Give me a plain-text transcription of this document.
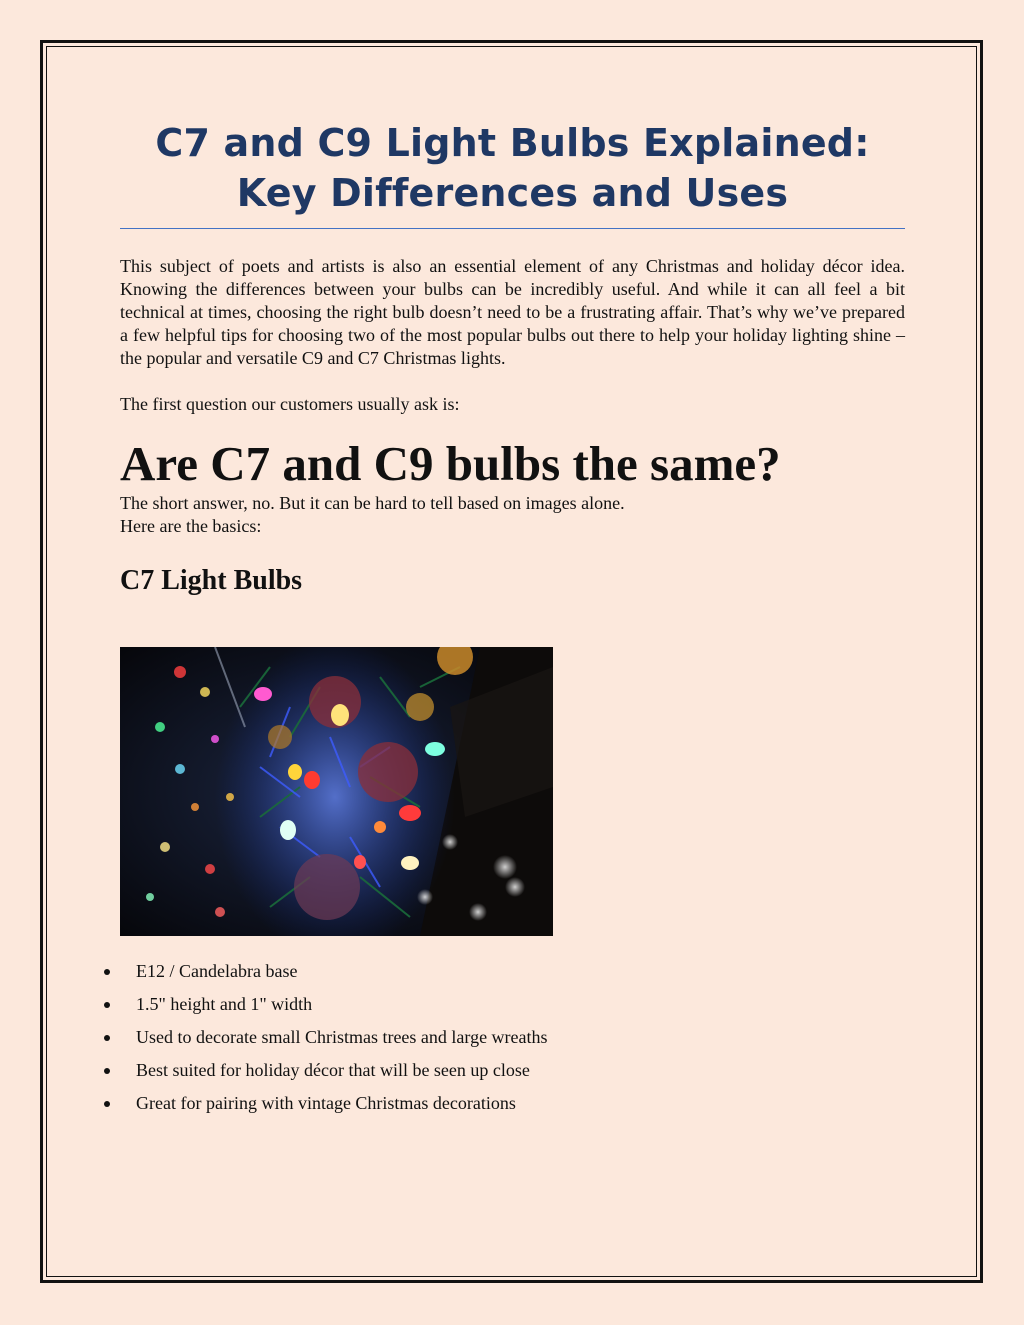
C7 and C9 Light Bulbs Explained: Key Differences and Uses

This subject of poets and artists is also an essential element of any Christmas and holiday décor idea. Knowing the differences between your bulbs can be incredibly useful. And while it can all feel a bit technical at times, choosing the right bulb doesn’t need to be a frustrating affair. That’s why we’ve prepared a few helpful tips for choosing two of the most popular bulbs out there to help your holiday lighting shine – the popular and versatile C9 and C7 Christmas lights.

The first question our customers usually ask is:

Are C7 and C9 bulbs the same?

The short answer, no. But it can be hard to tell based on images alone.

Here are the basics:

C7 Light Bulbs
E12 / Candelabra base
1.5" height and 1" width
Used to decorate small Christmas trees and large wreaths
Best suited for holiday décor that will be seen up close
Great for pairing with vintage Christmas decorations
